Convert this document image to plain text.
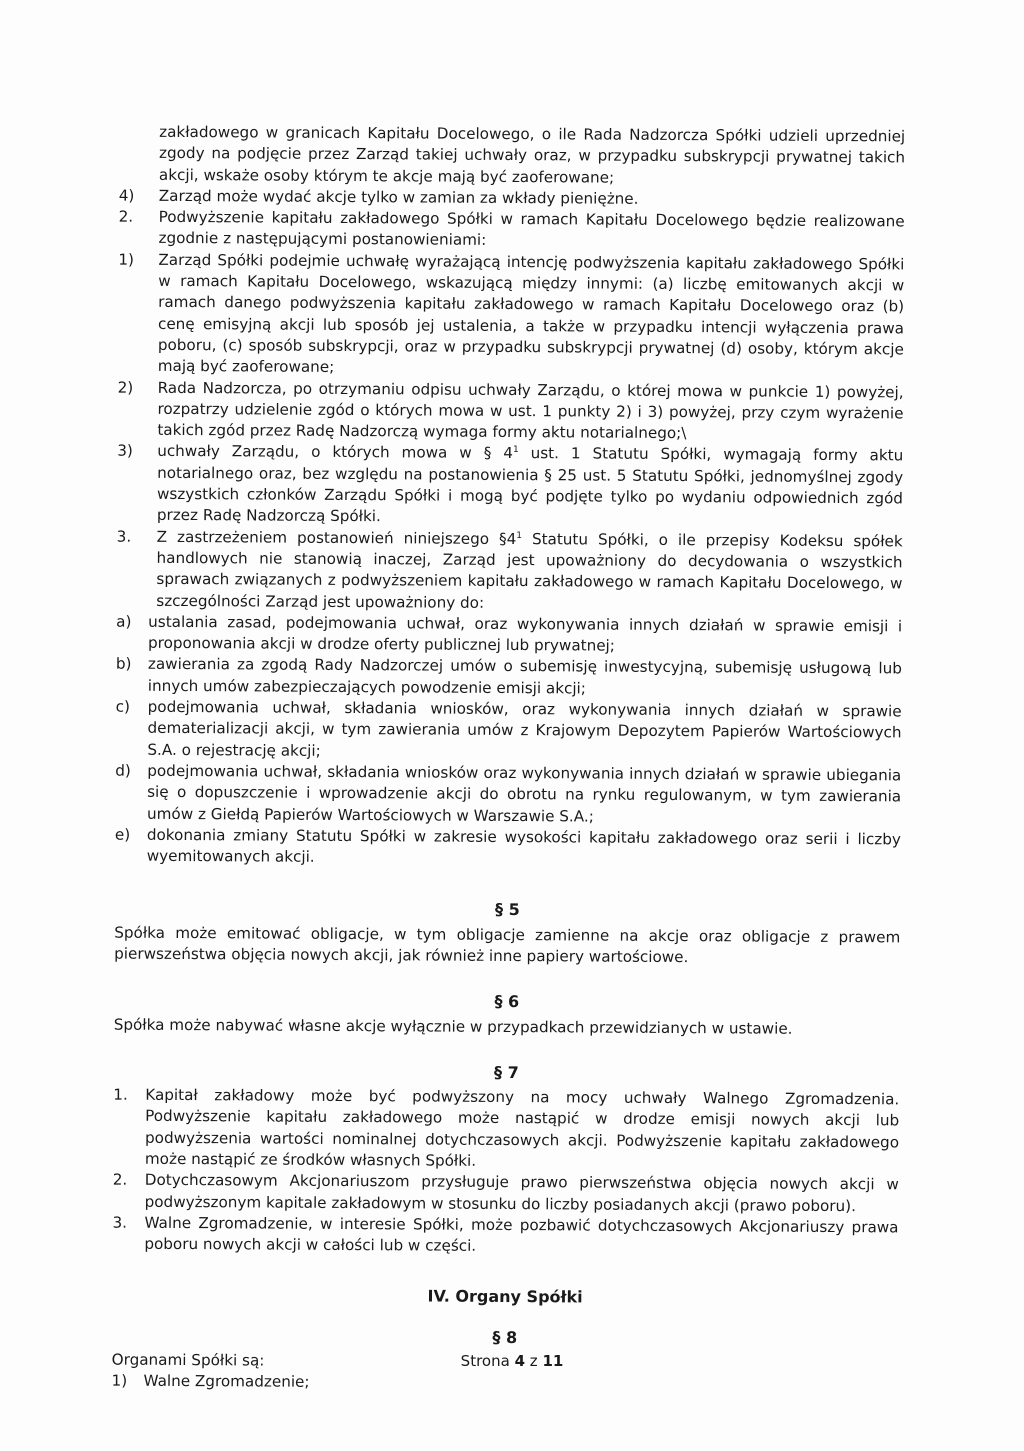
zakładowego w granicach Kapitału Docelowego, o ile Rada Nadzorcza Spółki udzieli uprzedniej zgody na podjęcie przez Zarząd takiej uchwały oraz, w przypadku subskrypcji prywatnej takich akcji, wskaże osoby którym te akcje mają być zaoferowane;

4) Zarząd może wydać akcje tylko w zamian za wkłady pieniężne.

2. Podwyższenie kapitału zakładowego Spółki w ramach Kapitału Docelowego będzie realizowane zgodnie z następującymi postanowieniami:

1) Zarząd Spółki podejmie uchwałę wyrażającą intencję podwyższenia kapitału zakładowego Spółki w ramach Kapitału Docelowego, wskazującą między innymi: (a) liczbę emitowanych akcji w ramach danego podwyższenia kapitału zakładowego w ramach Kapitału Docelowego oraz (b) cenę emisyjną akcji lub sposób jej ustalenia, a także w przypadku intencji wyłączenia prawa poboru, (c) sposób subskrypcji, oraz w przypadku subskrypcji prywatnej (d) osoby, którym akcje mają być zaoferowane;

2) Rada Nadzorcza, po otrzymaniu odpisu uchwały Zarządu, o której mowa w punkcie 1) powyżej, rozpatrzy udzielenie zgód o których mowa w ust. 1 punkty 2) i 3) powyżej, przy czym wyrażenie takich zgód przez Radę Nadzorczą wymaga formy aktu notarialnego;\

3) uchwały Zarządu, o których mowa w § $4^1$ ust. 1 Statutu Spółki, wymagają formy aktu notarialnego oraz, bez względu na postanowienia § 25 ust. 5 Statutu Spółki, jednomyślnej zgody wszystkich członków Zarządu Spółki i mogą być podjęte tylko po wydaniu odpowiednich zgód przez Radę Nadzorczą Spółki.

3. Z zastrzeżeniem postanowień niniejszego $\S 4^1$ Statutu Spółki, o ile przepisy Kodeksu spółek handlowych nie stanowią inaczej, Zarząd jest upoważniony do decydowania o wszystkich sprawach związanych z podwyższeniem kapitału zakładowego w ramach Kapitału Docelowego, w szczególności Zarząd jest upoważniony do:

a) ustalania zasad, podejmowania uchwał, oraz wykonywania innych działań w sprawie emisji i proponowania akcji w drodze oferty publicznej lub prywatnej;

b) zawierania za zgodą Rady Nadzorczej umów o subemisję inwestycyjną, subemisję usługową lub innych umów zabezpieczających powodzenie emisji akcji;

c) podejmowania uchwał, składania wniosków, oraz wykonywania innych działań w sprawie dematerializacji akcji, w tym zawierania umów z Krajowym Depozytem Papierów Wartościowych S.A. o rejestrację akcji;

d) podejmowania uchwał, składania wniosków oraz wykonywania innych działań w sprawie ubiegania się o dopuszczenie i wprowadzenie akcji do obrotu na rynku regulowanym, w tym zawierania umów z Giełdą Papierów Wartościowych w Warszawie S.A.;

e) dokonania zmiany Statutu Spółki w zakresie wysokości kapitału zakładowego oraz serii i liczby wyemitowanych akcji.

§ 5

Spółka może emitować obligacje, w tym obligacje zamienne na akcje oraz obligacje z prawem pierwszeństwa objęcia nowych akcji, jak również inne papiery wartościowe.

§ 6

Spółka może nabywać własne akcje wyłącznie w przypadkach przewidzianych w ustawie.

§ 7

1. Kapitał zakładowy może być podwyższony na mocy uchwały Walnego Zgromadzenia. Podwyższenie kapitału zakładowego może nastąpić w drodze emisji nowych akcji lub podwyższenia wartości nominalnej dotychczasowych akcji. Podwyższenie kapitału zakładowego może nastąpić ze środków własnych Spółki.

2. Dotychczasowym Akcjonariuszom przysługuje prawo pierwszeństwa objęcia nowych akcji w podwyższonym kapitale zakładowym w stosunku do liczby posiadanych akcji (prawo poboru).

3. Walne Zgromadzenie, w interesie Spółki, może pozbawić dotychczasowych Akcjonariuszy prawa poboru nowych akcji w całości lub w części.

IV. Organy Spółki
§ 8

Organami Spółki są:

1) Walne Zgromadzenie;

Strona 4 z 11
